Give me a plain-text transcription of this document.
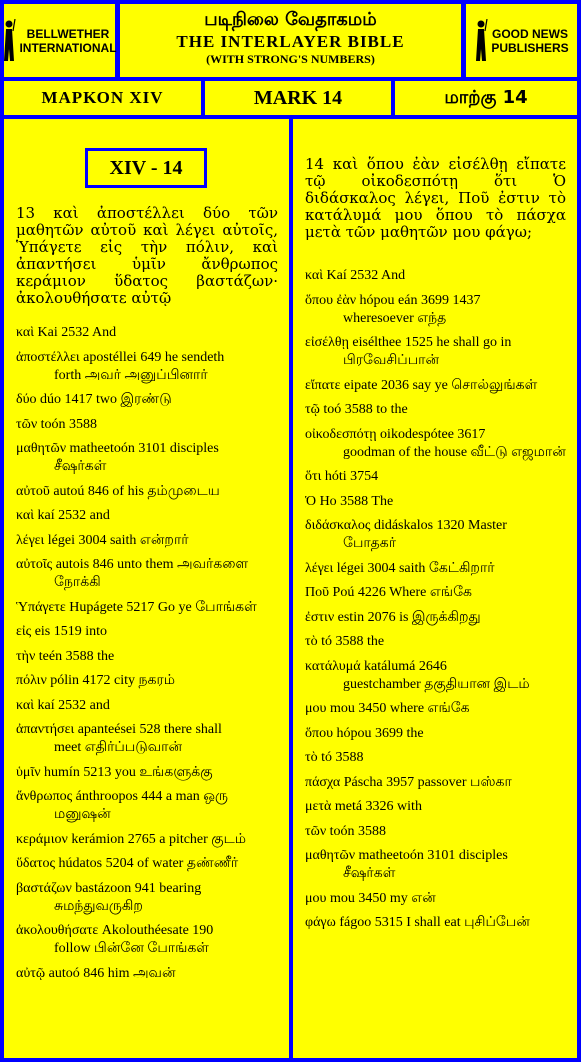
BELLWETHER
INTERNATIONAL
படிநிலை வேதாகமம்
THE INTERLAYER BIBLE
(WITH STRONG'S NUMBERS)
GOOD NEWS
PUBLISHERS
ΜΑΡΚΟΝ XIV	MARK 14	மாற்கு 14
XIV - 14

13 καὶ ἀποστέλλει δύο τῶν μαθητῶν αὐτοῦ καὶ λέγει αὐτοῖς, Ὑπάγετε εἰς τὴν πόλιν, καὶ ἀπαντήσει ὑμῖν ἄνθρωπος κεράμιον ὕδατος βαστάζων· ἀκολουθήσατε αὐτῷ

καὶ Kai 2532 And

ἀποστέλλει apostéllei 649 he sendeth
forth அவர் அனுப்பினார்

δύο dúo 1417 two இரண்டு

τῶν toón 3588

μαθητῶν matheetoón 3101 disciples
சீஷர்கள்

αὐτοῦ autoú 846 of his தம்முடைய

καὶ kaí 2532 and

λέγει légei 3004 saith என்றார்

αὐτοῖς autois 846 unto them அவர்களை
நோக்கி

Ὑπάγετε Hupágete 5217 Go ye போங்கள்

εἰς eis 1519 into

τὴν teén 3588 the

πόλιν pólin 4172 city நகரம்

καὶ kaí 2532 and

ἀπαντήσει apanteései 528 there shall
meet எதிர்ப்படுவான்

ὑμῖν humín 5213 you உங்களுக்கு

ἄνθρωπος ánthroopos 444 a man ஒரு
மனுஷன்

κεράμιον kerámion 2765 a pitcher குடம்

ὕδατος húdatos 5204 of water தண்ணீர்

βαστάζων bastázoon 941 bearing
சுமந்துவருகிற

ἀκολουθήσατε Akolouthéesate 190
follow பின்னே போங்கள்

αὐτῷ autoó 846 him அவன்

14 καὶ ὅπου ἐὰν εἰσέλθῃ εἴπατε τῷ οἰκοδεσπότῃ ὅτι Ὁ διδάσκαλος λέγει, Ποῦ ἐστιν τὸ κατάλυμά μου ὅπου τὸ πάσχα μετὰ τῶν μαθητῶν μου φάγω;

καὶ Kaí 2532 And

ὅπου ἐὰν hópou eán 3699 1437
wheresoever எந்த

εἰσέλθῃ eisélthee 1525 he shall go in
பிரவேசிப்பான்

εἴπατε eipate 2036 say ye சொல்லுங்கள்

τῷ toó 3588 to the

οἰκοδεσπότῃ oikodespótee 3617
goodman of the house வீட்டு எஜமான்

ὅτι hóti 3754

Ὁ Ho 3588 The

διδάσκαλος didáskalos 1320 Master
போதகர்

λέγει légei 3004 saith கேட்கிறார்

Ποῦ Poú 4226 Where எங்கே

ἐστιν estin 2076 is இருக்கிறது

τὸ tó 3588 the

κατάλυμά katálumá 2646
guestchamber தகுதியான இடம்

μου mou 3450 where எங்கே

ὅπου hópou 3699 the

τὸ tó 3588

πάσχα Páscha 3957 passover பஸ்கா

μετὰ metá 3326 with

τῶν toón 3588

μαθητῶν matheetoón 3101 disciples
சீஷர்கள்

μου mou 3450 my என்

φάγω fágoo 5315 I shall eat புசிப்பேன்
